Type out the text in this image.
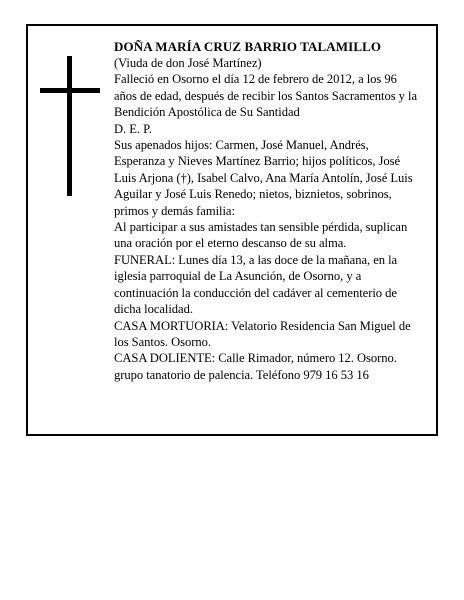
DOÑA MARÍA CRUZ BARRIO TALAMILLO

(Viuda de don José Martínez)

Falleció en Osorno el día 12 de febrero de 2012, a los 96 años de edad, después de recibir los Santos Sacramentos y la Bendición Apostólica de Su Santidad

D. E. P.

Sus apenados hijos: Carmen, José Manuel, Andrés, Esperanza y Nieves Martínez Barrio; hijos políticos, José Luis Arjona (†), Isabel Calvo, Ana María Antolín, José Luis Aguilar y José Luis Renedo; nietos, biznietos, sobrinos, primos y demás familia:

Al participar a sus amistades tan sensible pérdida, suplican una oración por el eterno descanso de su alma.

FUNERAL: Lunes día 13, a las doce de la mañana, en la iglesia parroquial de La Asunción, de Osorno, y a continuación la conducción del cadáver al cementerio de dicha localidad.

CASA MORTUORIA: Velatorio Residencia San Miguel de los Santos. Osorno.

CASA DOLIENTE: Calle Rimador, número 12. Osorno.

grupo tanatorio de palencia. Teléfono 979 16 53 16
